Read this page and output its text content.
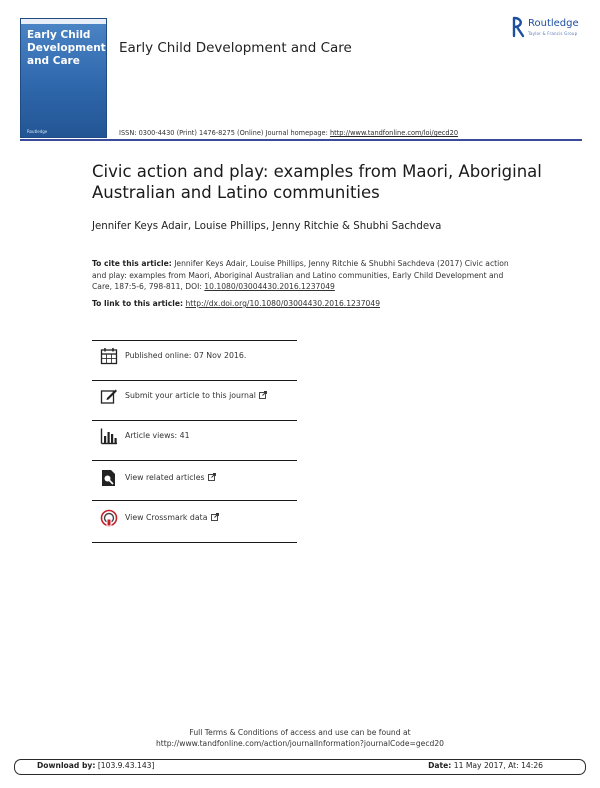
Early Child Development and Care
Routledge
Early Child Development and Care
Routledge
Taylor & Francis Group
ISSN: 0300-4430 (Print) 1476-8275 (Online) Journal homepage: http://www.tandfonline.com/loi/gecd20
Civic action and play: examples from Maori, Aboriginal Australian and Latino communities
Jennifer Keys Adair, Louise Phillips, Jenny Ritchie & Shubhi Sachdeva
To cite this article: Jennifer Keys Adair, Louise Phillips, Jenny Ritchie & Shubhi Sachdeva (2017) Civic action and play: examples from Maori, Aboriginal Australian and Latino communities, Early Child Development and Care, 187:5-6, 798-811, DOI: 10.1080/03004430.2016.1237049
To link to this article: http://dx.doi.org/10.1080/03004430.2016.1237049
Published online: 07 Nov 2016.
Submit your article to this journal
Article views: 41
View related articles
View Crossmark data
Full Terms & Conditions of access and use can be found at
http://www.tandfonline.com/action/journalInformation?journalCode=gecd20
Download by: [103.9.43.143]	Date: 11 May 2017, At: 14:26
